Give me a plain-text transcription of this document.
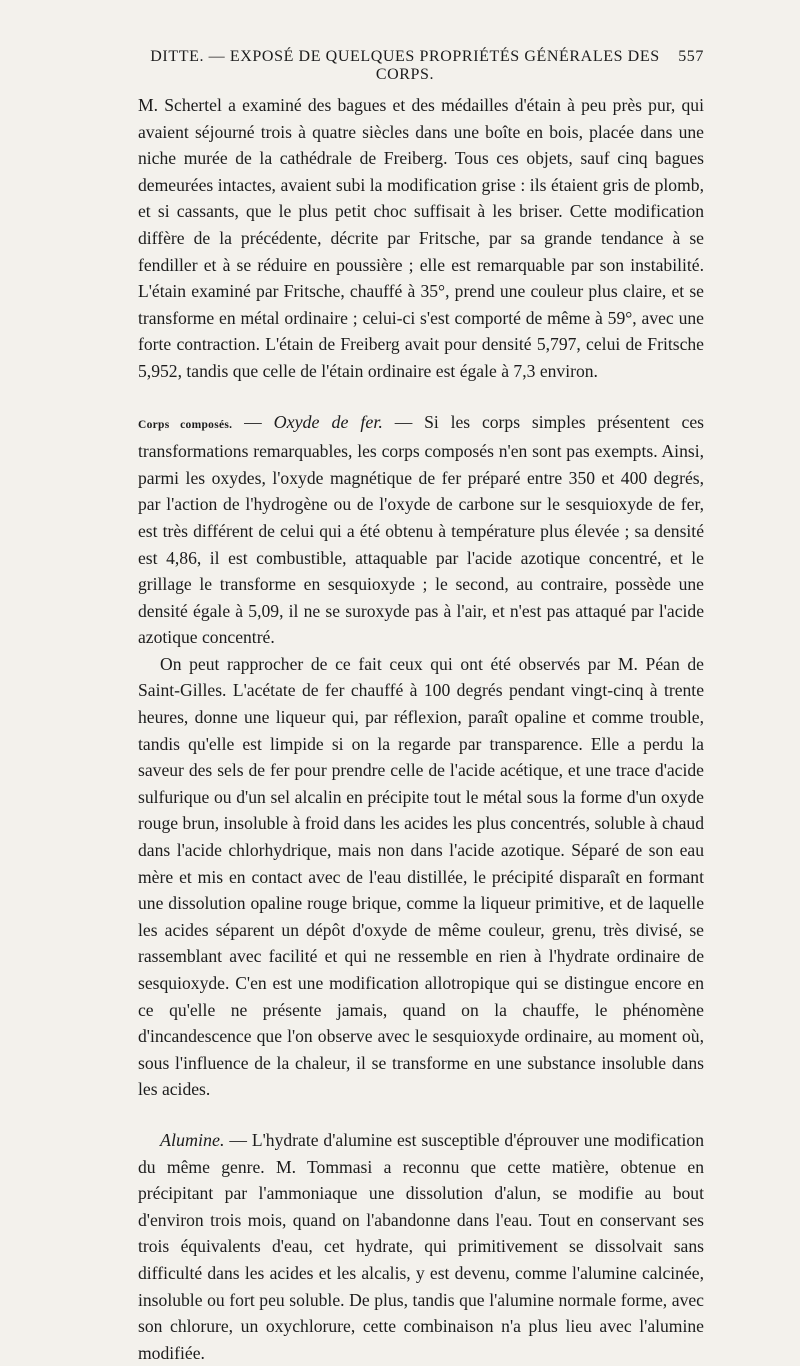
DITTE. — EXPOSÉ DE QUELQUES PROPRIÉTÉS GÉNÉRALES DES CORPS.
557

M. Schertel a examiné des bagues et des médailles d'étain à peu près pur, qui avaient séjourné trois à quatre siècles dans une boîte en bois, placée dans une niche murée de la cathédrale de Freiberg. Tous ces objets, sauf cinq bagues demeurées intactes, avaient subi la modification grise : ils étaient gris de plomb, et si cassants, que le plus petit choc suffisait à les briser. Cette modification diffère de la précédente, décrite par Fritsche, par sa grande tendance à se fendiller et à se réduire en poussière ; elle est remarquable par son instabilité. L'étain examiné par Fritsche, chauffé à 35°, prend une couleur plus claire, et se transforme en métal ordinaire ; celui-ci s'est comporté de même à 59°, avec une forte contraction. L'étain de Freiberg avait pour densité 5,797, celui de Fritsche 5,952, tandis que celle de l'étain ordinaire est égale à 7,3 environ.

Corps composés. — Oxyde de fer. — Si les corps simples présentent ces transformations remarquables, les corps composés n'en sont pas exempts. Ainsi, parmi les oxydes, l'oxyde magnétique de fer préparé entre 350 et 400 degrés, par l'action de l'hydrogène ou de l'oxyde de carbone sur le sesquioxyde de fer, est très différent de celui qui a été obtenu à température plus élevée ; sa densité est 4,86, il est combustible, attaquable par l'acide azotique concentré, et le grillage le transforme en sesquioxyde ; le second, au contraire, possède une densité égale à 5,09, il ne se suroxyde pas à l'air, et n'est pas attaqué par l'acide azotique concentré.

On peut rapprocher de ce fait ceux qui ont été observés par M. Péan de Saint-Gilles. L'acétate de fer chauffé à 100 degrés pendant vingt-cinq à trente heures, donne une liqueur qui, par réflexion, paraît opaline et comme trouble, tandis qu'elle est limpide si on la regarde par transparence. Elle a perdu la saveur des sels de fer pour prendre celle de l'acide acétique, et une trace d'acide sulfurique ou d'un sel alcalin en précipite tout le métal sous la forme d'un oxyde rouge brun, insoluble à froid dans les acides les plus concentrés, soluble à chaud dans l'acide chlorhydrique, mais non dans l'acide azotique. Séparé de son eau mère et mis en contact avec de l'eau distillée, le précipité disparaît en formant une dissolution opaline rouge brique, comme la liqueur primitive, et de laquelle les acides séparent un dépôt d'oxyde de même couleur, grenu, très divisé, se rassemblant avec facilité et qui ne ressemble en rien à l'hydrate ordinaire de sesquioxyde. C'en est une modification allotropique qui se distingue encore en ce qu'elle ne présente jamais, quand on la chauffe, le phénomène d'incandescence que l'on observe avec le sesquioxyde ordinaire, au moment où, sous l'influence de la chaleur, il se transforme en une substance insoluble dans les acides.

Alumine. — L'hydrate d'alumine est susceptible d'éprouver une modification du même genre. M. Tommasi a reconnu que cette matière, obtenue en précipitant par l'ammoniaque une dissolution d'alun, se modifie au bout d'environ trois mois, quand on l'abandonne dans l'eau. Tout en conservant ses trois équivalents d'eau, cet hydrate, qui primitivement se dissolvait sans difficulté dans les acides et les alcalis, y est devenu, comme l'alumine calcinée, insoluble ou fort peu soluble. De plus, tandis que l'alumine normale forme, avec son chlorure, un oxychlorure, cette combinaison n'a plus lieu avec l'alumine modifiée.
